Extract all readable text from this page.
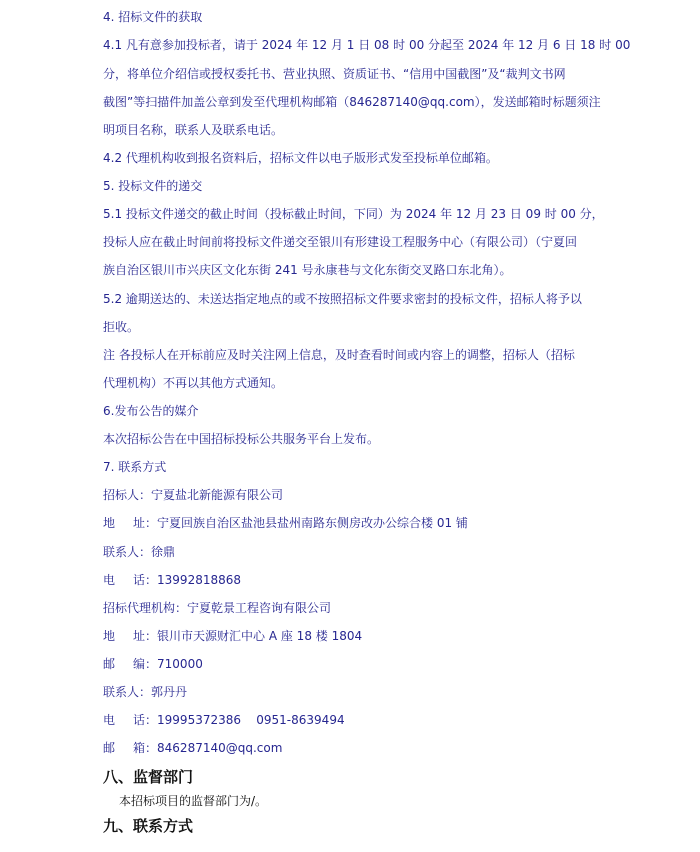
4. 招标文件的获取
4.1 凡有意参加投标者，请于 2024 年 12 月 1 日 08 时 00 分起至 2024 年 12 月 6 日 18 时 00
分，将单位介绍信或授权委托书、营业执照、资质证书、“信用中国截图”及“裁判文书网
截图”等扫描件加盖公章到发至代理机构邮箱（846287140@qq.com），发送邮箱时标题须注
明项目名称，联系人及联系电话。
4.2 代理机构收到报名资料后，招标文件以电子版形式发至投标单位邮箱。
5. 投标文件的递交
5.1 投标文件递交的截止时间（投标截止时间，下同）为 2024 年 12 月 23 日 09 时 00 分，
投标人应在截止时间前将投标文件递交至银川有形建设工程服务中心（有限公司）（宁夏回
族自治区银川市兴庆区文化东街 241 号永康巷与文化东街交叉路口东北角）。
5.2 逾期送达的、未送达指定地点的或不按照招标文件要求密封的投标文件，招标人将予以
拒收。
注 各投标人在开标前应及时关注网上信息，及时查看时间或内容上的调整，招标人（招标
代理机构）不再以其他方式通知。
6.发布公告的媒介
本次招标公告在中国招标投标公共服务平台上发布。
7. 联系方式
招标人：宁夏盐北新能源有限公司
地 址：宁夏回族自治区盐池县盐州南路东侧房改办公综合楼 01 铺
联系人：徐鼎
电 话：13992818868
招标代理机构：宁夏乾景工程咨询有限公司
地 址：银川市天源财汇中心 A 座 18 楼 1804
邮 编：710000
联系人：郭丹丹
电 话：19995372386    0951-8639494
邮 箱：846287140@qq.com
八、监督部门
本招标项目的监督部门为/。
九、联系方式
